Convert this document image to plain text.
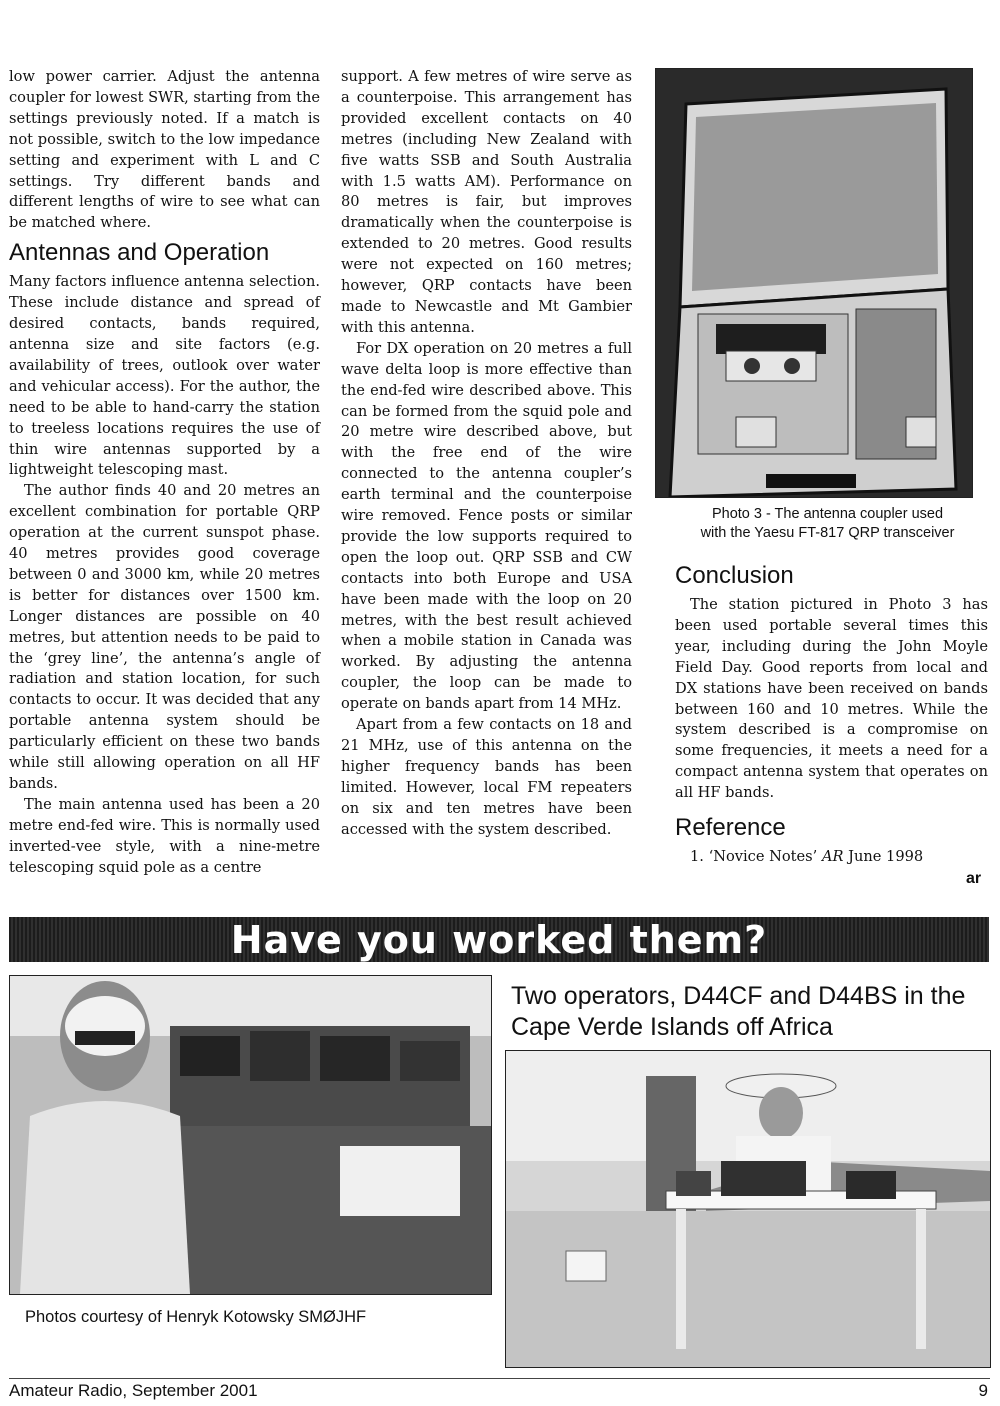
low power carrier. Adjust the antenna coupler for lowest SWR, starting from the settings previously noted. If a match is not possible, switch to the low impedance setting and experiment with L and C settings. Try different bands and different lengths of wire to see what can be matched where.

Antennas and Operation

Many factors influence antenna selection. These include distance and spread of desired contacts, bands required, antenna size and site factors (e.g. availability of trees, outlook over water and vehicular access). For the author, the need to be able to hand-carry the station to treeless locations requires the use of thin wire antennas supported by a lightweight telescoping mast.

The author finds 40 and 20 metres an excellent combination for portable QRP operation at the current sunspot phase. 40 metres provides good coverage between 0 and 3000 km, while 20 metres is better for distances over 1500 km. Longer distances are possible on 40 metres, but attention needs to be paid to the ‘grey line’, the antenna’s angle of radiation and station location, for such contacts to occur. It was decided that any portable antenna system should be particularly efficient on these two bands while still allowing operation on all HF bands.

The main antenna used has been a 20 metre end-fed wire. This is normally used inverted-vee style, with a nine-metre telescoping squid pole as a centre

support. A few metres of wire serve as a counterpoise. This arrangement has provided excellent contacts on 40 metres (including New Zealand with five watts SSB and South Australia with 1.5 watts AM). Performance on 80 metres is fair, but improves dramatically when the counterpoise is extended to 20 metres. Good results were not expected on 160 metres; however, QRP contacts have been made to Newcastle and Mt Gambier with this antenna.

For DX operation on 20 metres a full wave delta loop is more effective than the end-fed wire described above. This can be formed from the squid pole and 20 metre wire described above, but with the free end of the wire connected to the antenna coupler’s earth terminal and the counterpoise wire removed. Fence posts or similar provide the low supports required to open the loop out. QRP SSB and CW contacts into both Europe and USA have been made with the loop on 20 metres, with the best result achieved when a mobile station in Canada was worked. By adjusting the antenna coupler, the loop can be made to operate on bands apart from 14 MHz.

Apart from a few contacts on 18 and 21 MHz, use of this antenna on the higher frequency bands has been limited. However, local FM repeaters on six and ten metres have been accessed with the system described.

Photo 3 - The antenna coupler used
with the Yaesu FT-817 QRP transceiver
Conclusion

The station pictured in Photo 3 has been used portable several times this year, including during the John Moyle Field Day. Good reports from local and DX stations have been received on bands between 160 and 10 metres. While the system described is a compromise on some frequencies, it meets a need for a compact antenna system that operates on all HF bands.

Reference

1. ‘Novice Notes’ AR June 1998

ar
Have you worked them?
Two operators, D44CF and D44BS in the Cape Verde Islands off Africa
Photos courtesy of Henryk Kotowsky SMØJHF
Amateur Radio, September 2001	9
